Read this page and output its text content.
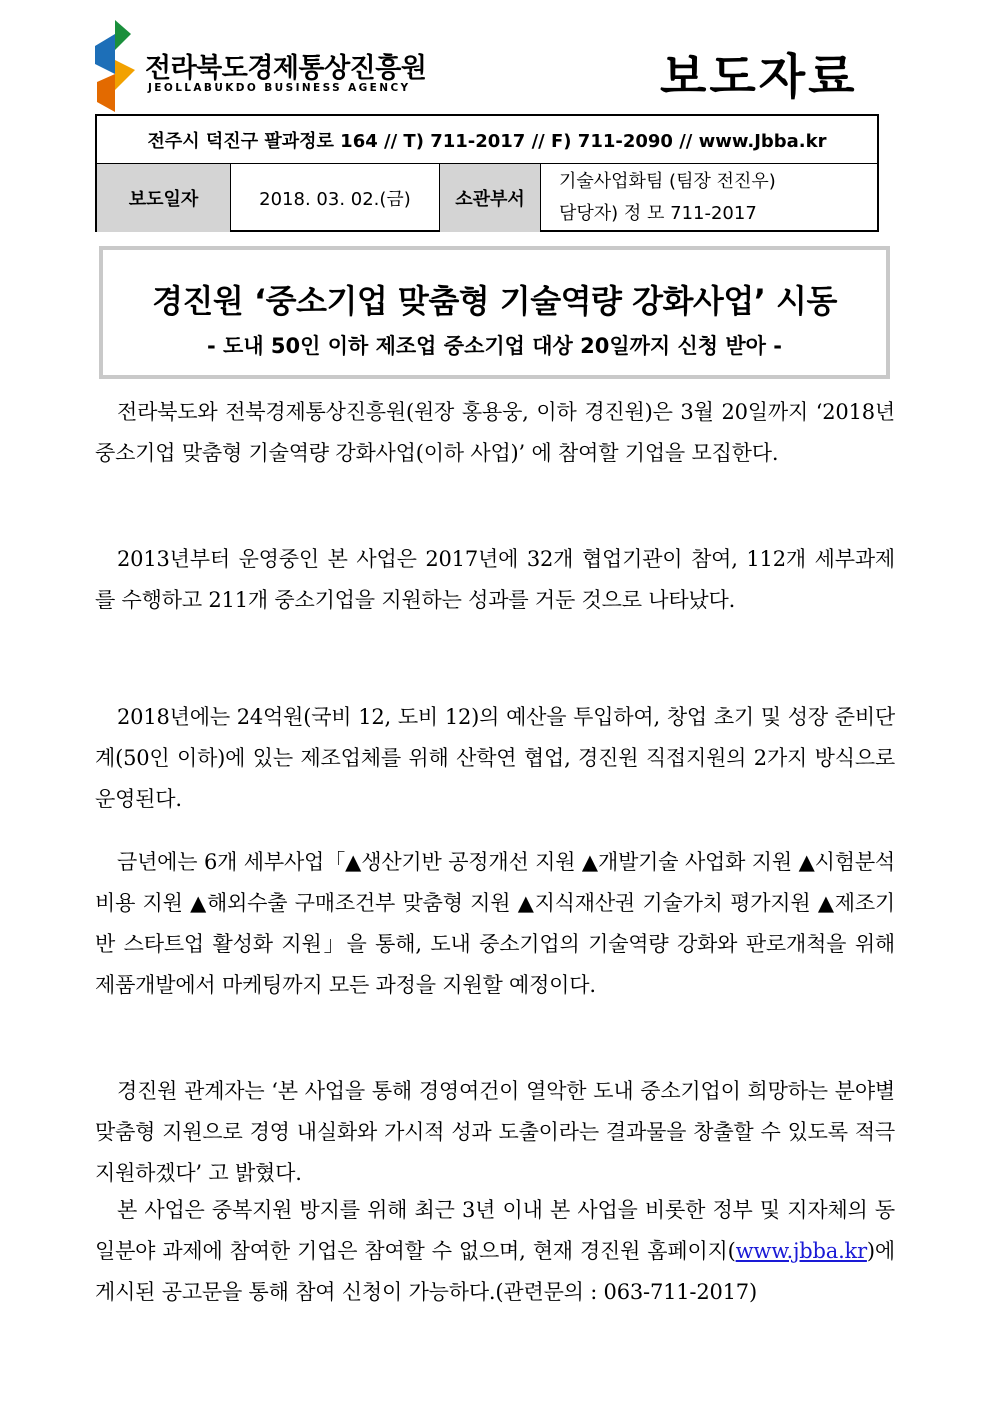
전라북도경제통상진흥원
JEOLLABUKDO BUSINESS AGENCY	보도자료
전주시 덕진구 팔과정로 164 // T) 711-2017 // F) 711-2090 // www.Jbba.kr
보도일자	2018. 03. 02.(금)	소관부서
기술사업화팀 (팀장 전진우)
담당자) 정 모 711-2017
경진원 ‘중소기업 맞춤형 기술역량 강화사업’ 시동
- 도내 50인 이하 제조업 중소기업 대상 20일까지 신청 받아 -

전라북도와 전북경제통상진흥원(원장 홍용웅, 이하 경진원)은 3월 20일까지 ‘2018년 중소기업 맞춤형 기술역량 강화사업(이하 사업)’ 에 참여할 기업을 모집한다.

2013년부터 운영중인 본 사업은 2017년에 32개 협업기관이 참여, 112개 세부과제를 수행하고 211개 중소기업을 지원하는 성과를 거둔 것으로 나타났다.

2018년에는 24억원(국비 12, 도비 12)의 예산을 투입하여, 창업 초기 및 성장 준비단계(50인 이하)에 있는 제조업체를 위해 산학연 협업, 경진원 직접지원의 2가지 방식으로 운영된다.

금년에는 6개 세부사업「▲생산기반 공정개선 지원 ▲개발기술 사업화 지원 ▲시험분석 비용 지원 ▲해외수출 구매조건부 맞춤형 지원 ▲지식재산권 기술가치 평가지원 ▲제조기반 스타트업 활성화 지원」을 통해, 도내 중소기업의 기술역량 강화와 판로개척을 위해 제품개발에서 마케팅까지 모든 과정을 지원할 예정이다.

경진원 관계자는 ‘본 사업을 통해 경영여건이 열악한 도내 중소기업이 희망하는 분야별 맞춤형 지원으로 경영 내실화와 가시적 성과 도출이라는 결과물을 창출할 수 있도록 적극 지원하겠다’ 고 밝혔다.

본 사업은 중복지원 방지를 위해 최근 3년 이내 본 사업을 비롯한 정부 및 지자체의 동일분야 과제에 참여한 기업은 참여할 수 없으며, 현재 경진원 홈페이지(www.jbba.kr)에 게시된 공고문을 통해 참여 신청이 가능하다.(관련문의 : 063-711-2017)
